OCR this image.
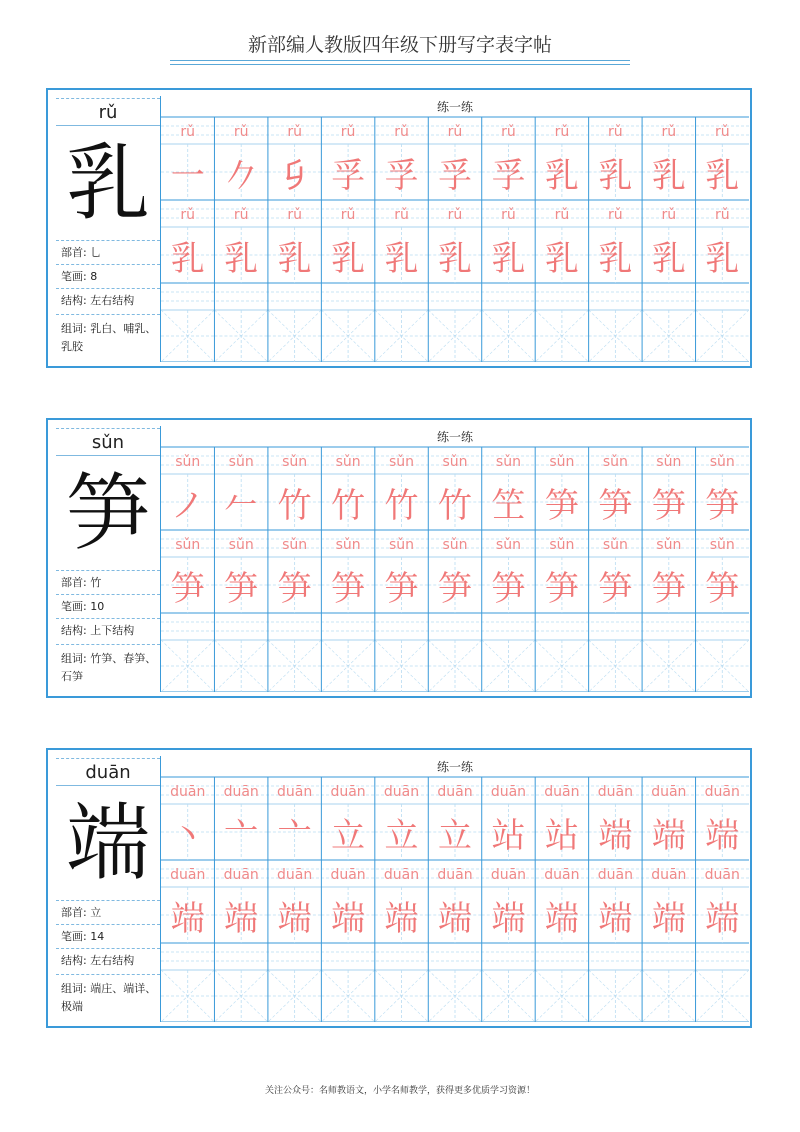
新部编人教版四年级下册写字表字帖
rǔ
乳
部首: 乚
笔画: 8
结构: 左右结构
组词: 乳白、哺乳、乳胶
练一练
rǔ
一
rǔ
𠂊
rǔ
𠂎
rǔ
孚
rǔ
孚
rǔ
孚
rǔ
孚
rǔ
乳
rǔ
乳
rǔ
乳
rǔ
乳
rǔ
乳
rǔ
乳
rǔ
乳
rǔ
乳
rǔ
乳
rǔ
乳
rǔ
乳
rǔ
乳
rǔ
乳
rǔ
乳
rǔ
乳
sǔn
笋
部首: 竹
笔画: 10
结构: 上下结构
组词: 竹笋、春笋、石笋
练一练
sǔn
ノ
sǔn
𠂉
sǔn
竹
sǔn
竹
sǔn
竹
sǔn
竹
sǔn
笁
sǔn
笋
sǔn
笋
sǔn
笋
sǔn
笋
sǔn
笋
sǔn
笋
sǔn
笋
sǔn
笋
sǔn
笋
sǔn
笋
sǔn
笋
sǔn
笋
sǔn
笋
sǔn
笋
sǔn
笋
duān
端
部首: 立
笔画: 14
结构: 左右结构
组词: 端庄、端详、极端
练一练
duān
丶
duān
亠
duān
亠
duān
立
duān
立
duān
立
duān
站
duān
站
duān
端
duān
端
duān
端
duān
端
duān
端
duān
端
duān
端
duān
端
duān
端
duān
端
duān
端
duān
端
duān
端
duān
端
关注公众号：名师教语文，小学名师教学，获得更多优质学习资源！
